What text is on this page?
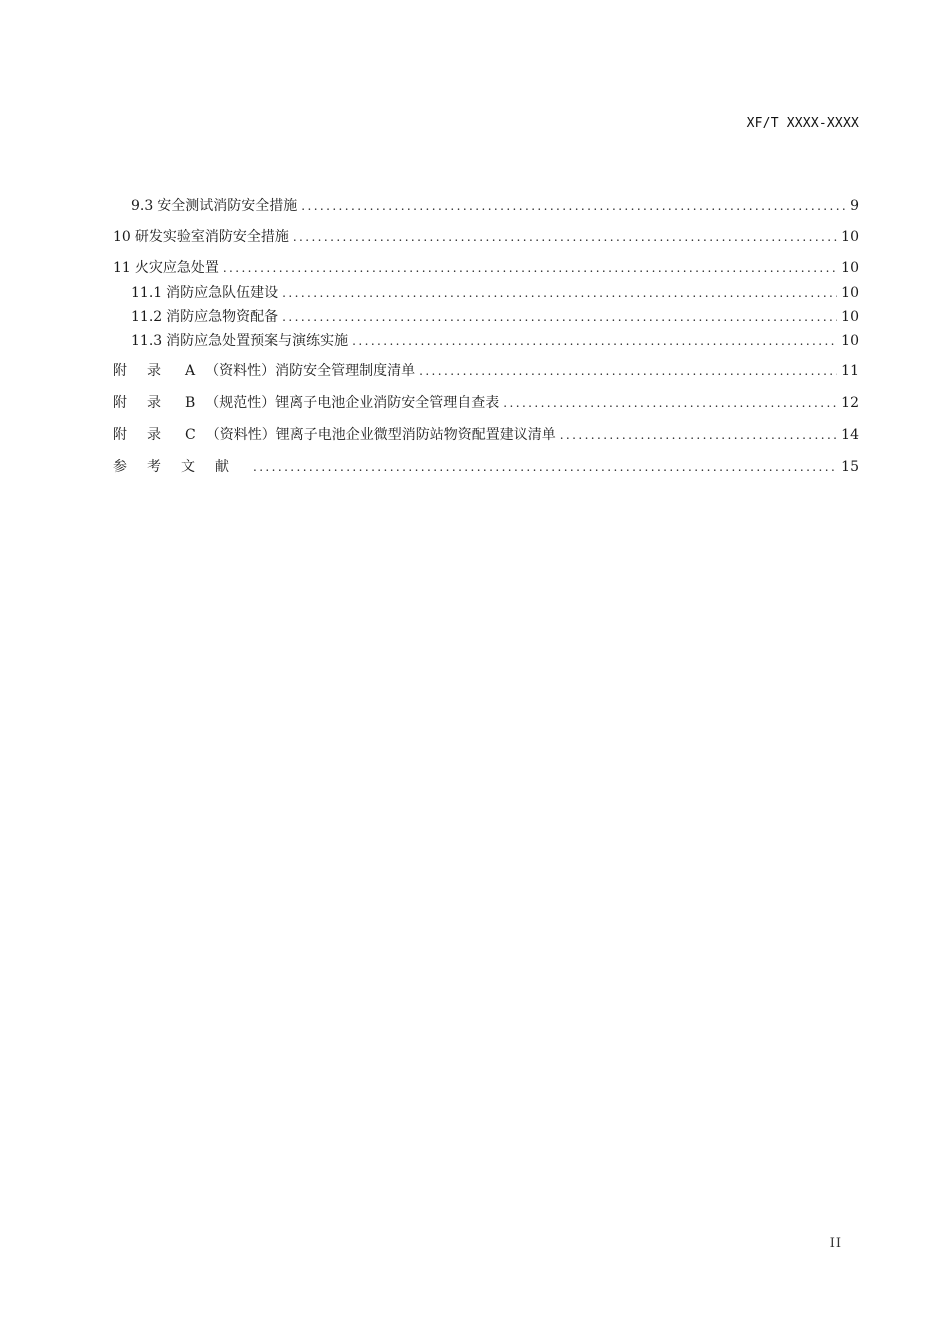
XF/T XXXX-XXXX
9.3 安全测试消防安全措施 .....	9
10 研发实验室消防安全措施 .....	10
11 火灾应急处置 .....	10
11.1 消防应急队伍建设 .....	10
11.2 消防应急物资配备 .....	10
11.3 消防应急处置预案与演练实施 .....	10
附录 A （资料性）消防安全管理制度清单 .....	11
附录 B （规范性）锂离子电池企业消防安全管理自查表 .....	12
附录 C （资料性）锂离子电池企业微型消防站物资配置建议清单 .....	14
参考文献 .....	15
II
